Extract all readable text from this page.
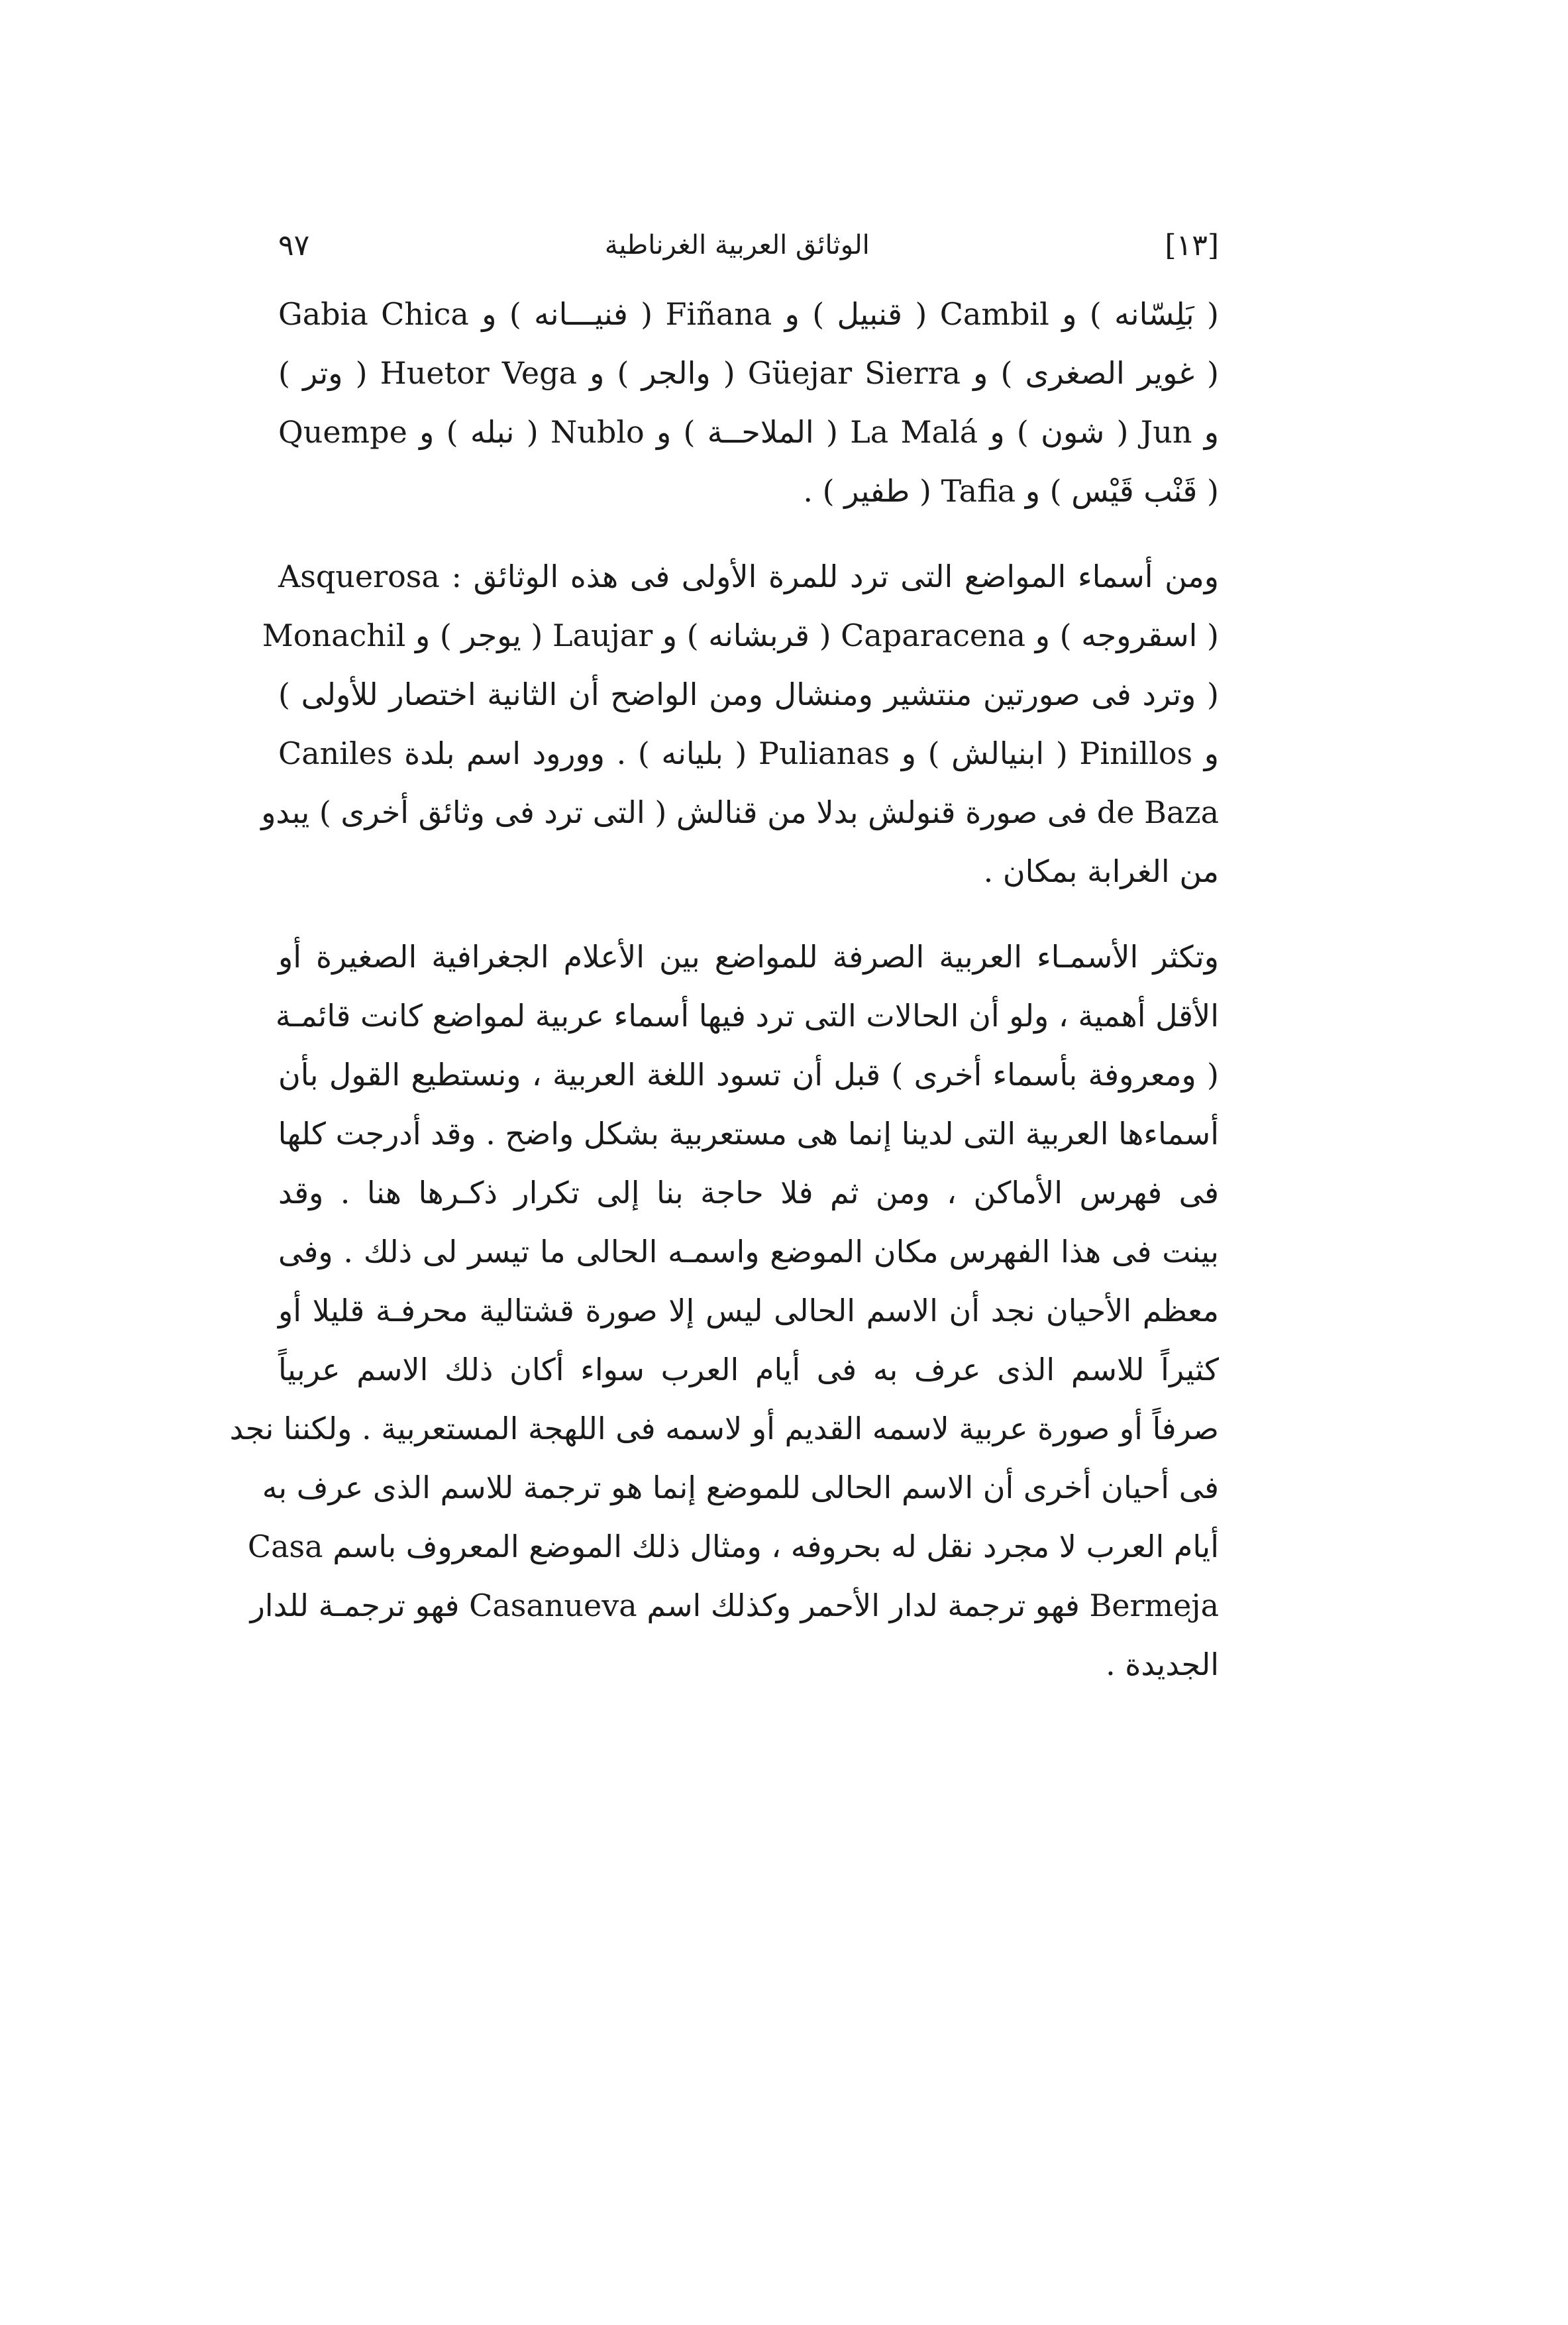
[١٣]
الوثائق العربية الغرناطية
٩٧
( بَلِسّانه ) و Cambil ( قنبيل ) و Fiñana ( فنيـــانه ) و Gabia Chica
( غوير الصغرى ) و Güejar Sierra ( والجر ) و Huetor Vega ( وتر )
و Jun ( شون ) و La Malá ( الملاحــة ) و Nublo ( نبله ) و Quempe
( قَنْب قَيْس ) و Tafia ( طفير ) .
ومن أسماء المواضع التى ترد للمرة الأولى فى هذه الوثائق : Asquerosa
( اسقروجه ) و Caparacena ( قربشانه ) و Laujar ( يوجر ) و Monachil
( وترد فى صورتين منتشير ومنشال ومن الواضح أن الثانية اختصار للأولى )
و Pinillos ( ابنيالش ) و Pulianas ( بليانه ) . وورود اسم بلدة Caniles
de Baza فى صورة قنولش بدلا من قنالش ( التى ترد فى وثائق أخرى ) يبدو
من الغرابة بمكان .
وتكثر الأسمـاء العربية الصرفة للمواضع بين الأعلام الجغرافية الصغيرة أو
الأقل أهمية ، ولو أن الحالات التى ترد فيها أسماء عربية لمواضع كانت قائمـة
( ومعروفة بأسماء أخرى ) قبل أن تسود اللغة العربية ، ونستطيع القول بأن
أسماءها العربية التى لدينا إنما هى مستعربية بشكل واضح . وقد أدرجت كلها
فى فهرس الأماكن ، ومن ثم فلا حاجة بنا إلى تكرار ذكـرها هنا . وقد
بينت فى هذا الفهرس مكان الموضع واسمـه الحالى ما تيسر لى ذلك . وفى
معظم الأحيان نجد أن الاسم الحالى ليس إلا صورة قشتالية محرفـة قليلا أو
كثيراً للاسم الذى عرف به فى أيام العرب سواء أكان ذلك الاسم عربياً
صرفاً أو صورة عربية لاسمه القديم أو لاسمه فى اللهجة المستعربية . ولكننا نجد
فى أحيان أخرى أن الاسم الحالى للموضع إنما هو ترجمة للاسم الذى عرف به
أيام العرب لا مجرد نقل له بحروفه ، ومثال ذلك الموضع المعروف باسم Casa
Bermeja فهو ترجمة لدار الأحمر وكذلك اسم Casanueva فهو ترجمـة للدار
الجديدة .
